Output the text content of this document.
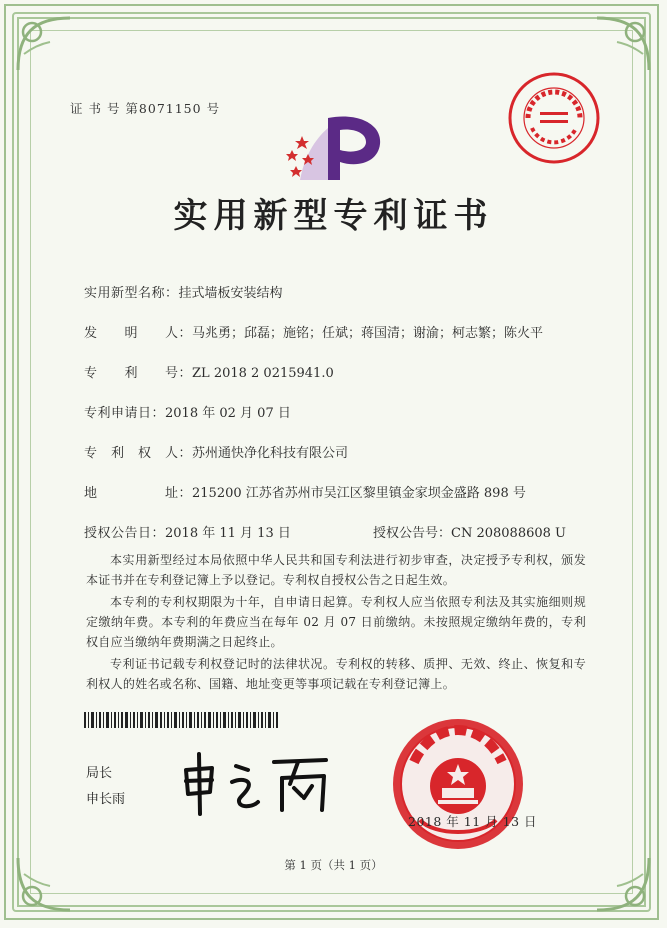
证 书 号 第8071150 号
实用新型专利证书
实用新型名称：挂式墙板安装结构
发　　明　　人：马兆勇；邱磊；施铭；任斌；蒋国清；谢渝；柯志繁；陈火平
专　　利　　号：ZL 2018 2 0215941.0
专利申请日：2018 年 02 月 07 日
专　利　权　人：苏州通快净化科技有限公司
地　　　　　址：215200 江苏省苏州市吴江区黎里镇金家坝金盛路 898 号
授权公告日：2018 年 11 月 13 日	授权公告号：CN 208088608 U
本实用新型经过本局依照中华人民共和国专利法进行初步审查，决定授予专利权，颁发本证书并在专利登记簿上予以登记。专利权自授权公告之日起生效。
本专利的专利权期限为十年，自申请日起算。专利权人应当依照专利法及其实施细则规定缴纳年费。本专利的年费应当在每年 02 月 07 日前缴纳。未按照规定缴纳年费的，专利权自应当缴纳年费期满之日起终止。
专利证书记载专利权登记时的法律状况。专利权的转移、质押、无效、终止、恢复和专利权人的姓名或名称、国籍、地址变更等事项记载在专利登记簿上。
局长
申长雨
2018 年 11 月 13 日
第 1 页（共 1 页）
